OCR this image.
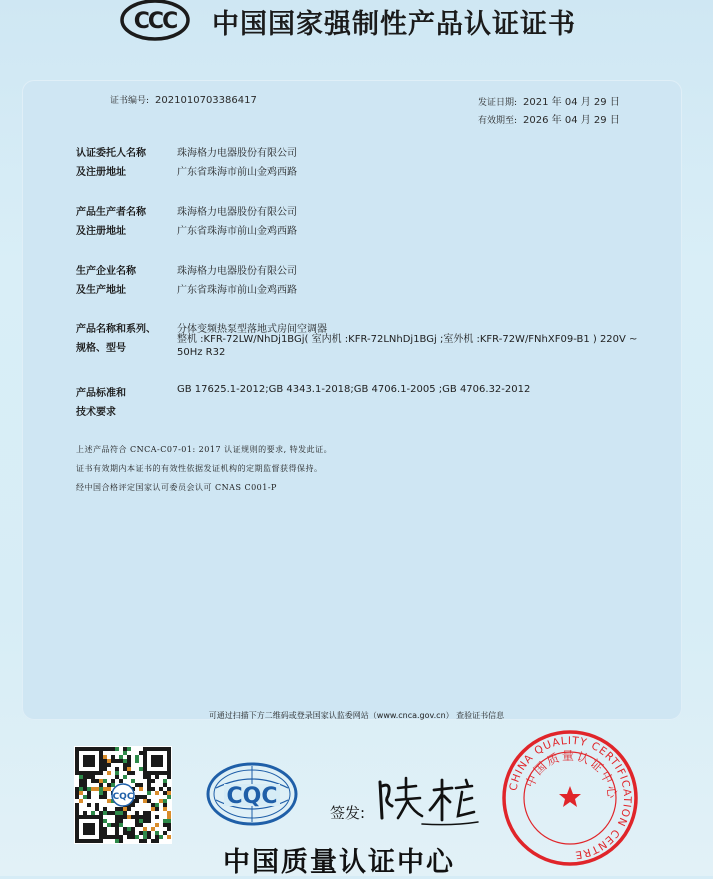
CCC 中国国家强制性产品认证证书
证书编号: 2021010703386417	发证日期: 2021 年 04 月 29 日
有效期至: 2026 年 04 月 29 日
认证委托人名称
及注册地址
珠海格力电器股份有限公司
广东省珠海市前山金鸡西路
产品生产者名称
及注册地址
珠海格力电器股份有限公司
广东省珠海市前山金鸡西路
生产企业名称
及生产地址
珠海格力电器股份有限公司
广东省珠海市前山金鸡西路
产品名称和系列、
规格、型号
分体变频热泵型落地式房间空调器
整机 :KFR-72LW/NhDj1BGj( 室内机 :KFR-72LNhDj1BGj ;室外机 :KFR-72W/FNhXF09-B1 ) 220V ~ 50Hz R32
产品标准和
技术要求
GB 17625.1-2012;GB 4343.1-2018;GB 4706.1-2005 ;GB 4706.32-2012
上述产品符合 CNCA-C07-01: 2017 认证规则的要求, 特发此证。
证书有效期内本证书的有效性依据发证机构的定期监督获得保持。
经中国合格评定国家认可委员会认可 CNAS C001-P
可通过扫描下方二维码或登录国家认监委网站（www.cnca.gov.cn） 查验证书信息
CQC	CQC
签发:
中国质量认证中心
CHINA QUALITY CERTIFICATION CENTRE
中国质量认证中心
